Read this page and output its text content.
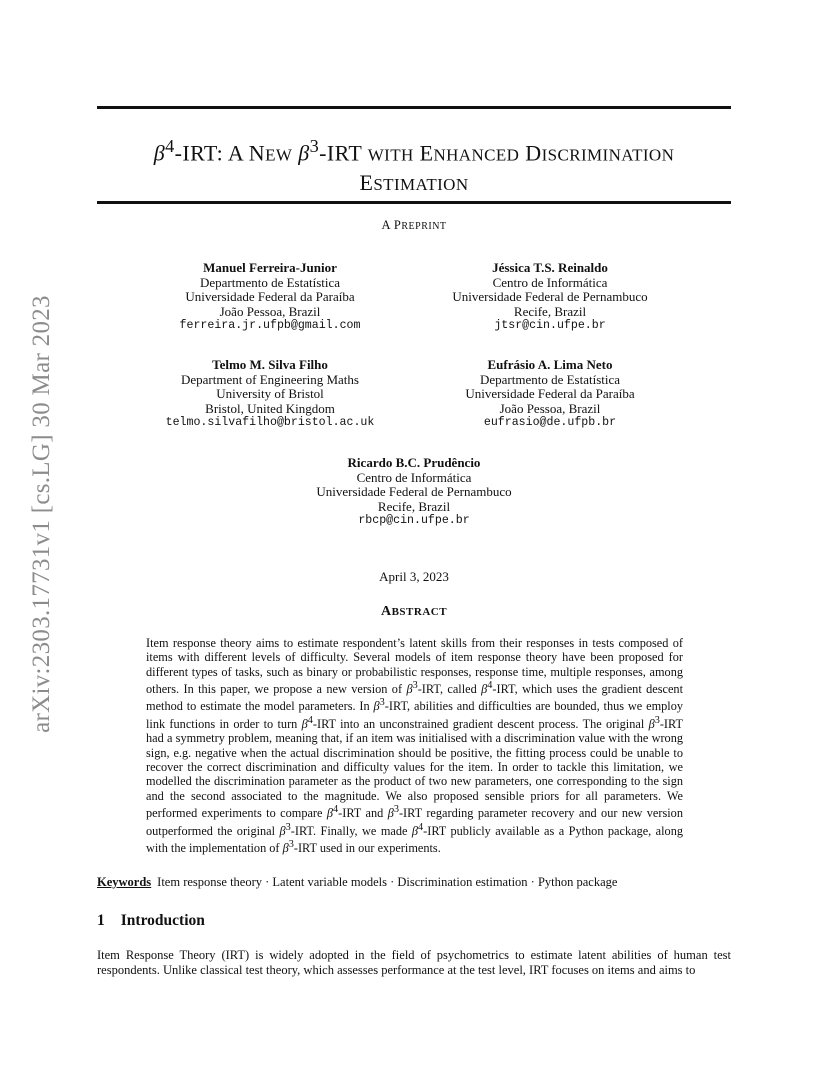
arXiv:2303.17731v1 [cs.LG] 30 Mar 2023
$\beta^4$-IRT: A NEW $\beta^3$-IRT WITH ENHANCED DISCRIMINATION
ESTIMATION
A PREPRINT
Manuel Ferreira-Junior
Departmento de Estatística
Universidade Federal da Paraíba
João Pessoa, Brazil
ferreira.jr.ufpb@gmail.com
Jéssica T.S. Reinaldo
Centro de Informática
Universidade Federal de Pernambuco
Recife, Brazil
jtsr@cin.ufpe.br
Telmo M. Silva Filho
Department of Engineering Maths
University of Bristol
Bristol, United Kingdom
telmo.silvafilho@bristol.ac.uk
Eufrásio A. Lima Neto
Departmento de Estatística
Universidade Federal da Paraíba
João Pessoa, Brazil
eufrasio@de.ufpb.br
Ricardo B.C. Prudêncio
Centro de Informática
Universidade Federal de Pernambuco
Recife, Brazil
rbcp@cin.ufpe.br
April 3, 2023
ABSTRACT

Item response theory aims to estimate respondent’s latent skills from their responses in tests composed of items with different levels of difficulty. Several models of item response theory have been proposed for different types of tasks, such as binary or probabilistic responses, response time, multiple responses, among others. In this paper, we propose a new version of $\beta^3$-IRT, called $\beta^4$-IRT, which uses the gradient descent method to estimate the model parameters. In $\beta^3$-IRT, abilities and difficulties are bounded, thus we employ link functions in order to turn $\beta^4$-IRT into an unconstrained gradient descent process. The original $\beta^3$-IRT had a symmetry problem, meaning that, if an item was initialised with a discrimination value with the wrong sign, e.g. negative when the actual discrimination should be positive, the fitting process could be unable to recover the correct discrimination and difficulty values for the item. In order to tackle this limitation, we modelled the discrimination parameter as the product of two new parameters, one corresponding to the sign and the second associated to the magnitude. We also proposed sensible priors for all parameters. We performed experiments to compare $\beta^4$-IRT and $\beta^3$-IRT regarding parameter recovery and our new version outperformed the original $\beta^3$-IRT. Finally, we made $\beta^4$-IRT publicly available as a Python package, along with the implementation of $\beta^3$-IRT used in our experiments.

Keywords Item response theory · Latent variable models · Discrimination estimation · Python package
1 Introduction

Item Response Theory (IRT) is widely adopted in the field of psychometrics to estimate latent abilities of human test respondents. Unlike classical test theory, which assesses performance at the test level, IRT focuses on items and aims to
